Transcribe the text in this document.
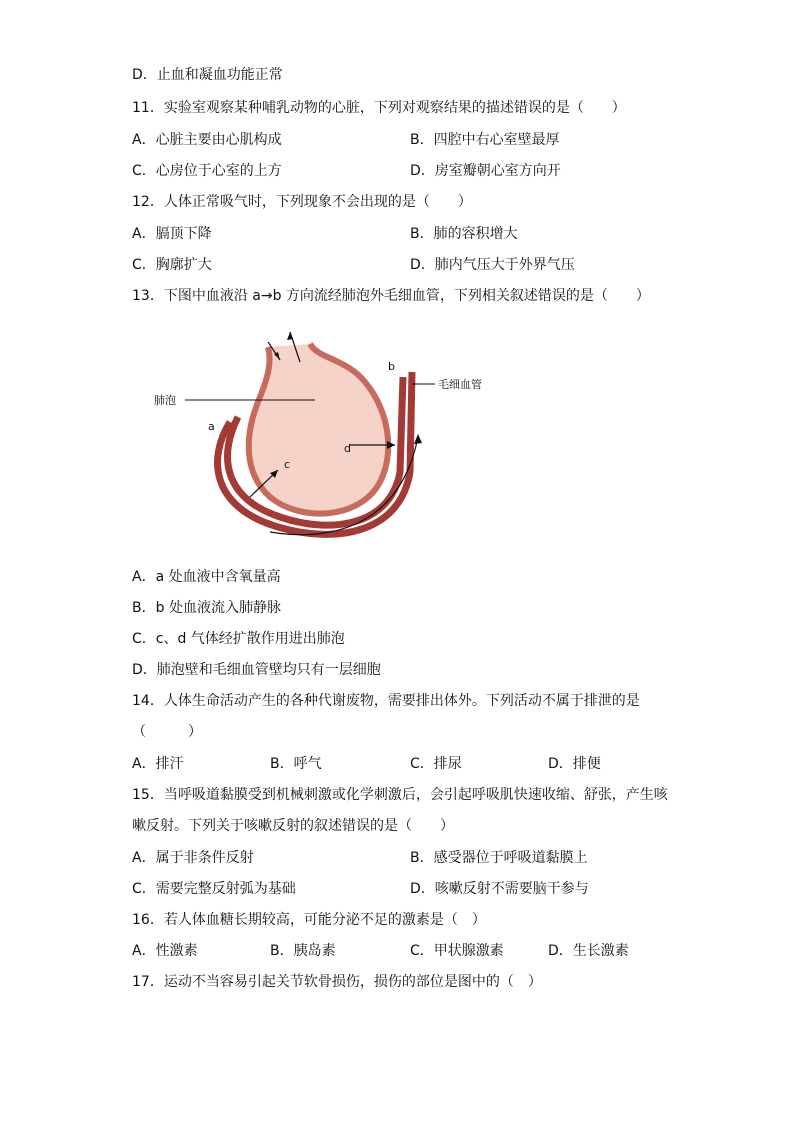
D．止血和凝血功能正常
11．实验室观察某种哺乳动物的心脏，下列对观察结果的描述错误的是（　　）
A．心脏主要由心肌构成	B．四腔中右心室壁最厚
C．心房位于心室的上方	D．房室瓣朝心室方向开
12．人体正常吸气时，下列现象不会出现的是（　　）
A．膈顶下降	B．肺的容积增大
C．胸廓扩大	D．肺内气压大于外界气压
13．下图中血液沿 a→b 方向流经肺泡外毛细血管，下列相关叙述错误的是（　　）
肺泡
毛细血管
a
b
c
d
A．a 处血液中含氧量高
B．b 处血液流入肺静脉
C．c、d 气体经扩散作用进出肺泡
D．肺泡壁和毛细血管壁均只有一层细胞
14．人体生命活动产生的各种代谢废物，需要排出体外。下列活动不属于排泄的是
（　　　）
A．排汗	B．呼气	C．排尿	D．排便
15．当呼吸道黏膜受到机械刺激或化学刺激后，会引起呼吸肌快速收缩、舒张，产生咳
嗽反射。下列关于咳嗽反射的叙述错误的是（　　）
A．属于非条件反射	B．感受器位于呼吸道黏膜上
C．需要完整反射弧为基础	D．咳嗽反射不需要脑干参与
16．若人体血糖长期较高，可能分泌不足的激素是（　）
A．性激素	B．胰岛素	C．甲状腺激素	D．生长激素
17．运动不当容易引起关节软骨损伤，损伤的部位是图中的（　）
